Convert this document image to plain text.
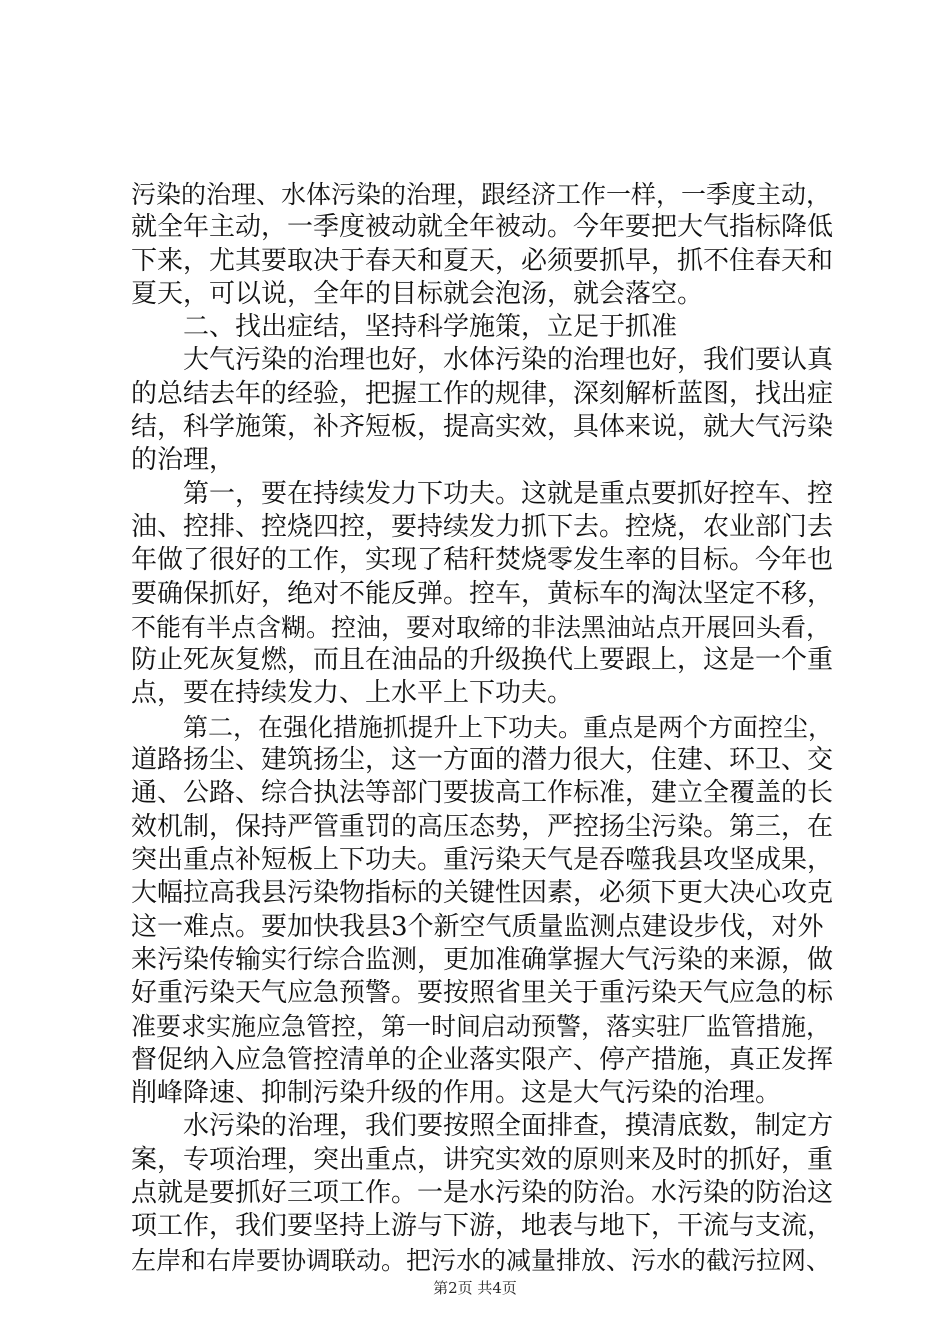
污染的治理、水体污染的治理，跟经济工作一样，一季度主动，
就全年主动，一季度被动就全年被动。今年要把大气指标降低
下来，尤其要取决于春天和夏天，必须要抓早，抓不住春天和
夏天，可以说，全年的目标就会泡汤，就会落空。
二、找出症结，坚持科学施策，立足于抓准
大气污染的治理也好，水体污染的治理也好，我们要认真
的总结去年的经验，把握工作的规律，深刻解析蓝图，找出症
结，科学施策，补齐短板，提高实效，具体来说，就大气污染
的治理，
第一，要在持续发力下功夫。这就是重点要抓好控车、控
油、控排、控烧四控，要持续发力抓下去。控烧，农业部门去
年做了很好的工作，实现了秸秆焚烧零发生率的目标。今年也
要确保抓好，绝对不能反弹。控车，黄标车的淘汰坚定不移，
不能有半点含糊。控油，要对取缔的非法黑油站点开展回头看，
防止死灰复燃，而且在油品的升级换代上要跟上，这是一个重
点，要在持续发力、上水平上下功夫。
第二，在强化措施抓提升上下功夫。重点是两个方面控尘，
道路扬尘、建筑扬尘，这一方面的潜力很大，住建、环卫、交
通、公路、综合执法等部门要拔高工作标准，建立全覆盖的长
效机制，保持严管重罚的高压态势，严控扬尘污染。第三，在
突出重点补短板上下功夫。重污染天气是吞噬我县攻坚成果，
大幅拉高我县污染物指标的关键性因素，必须下更大决心攻克
这一难点。要加快我县3个新空气质量监测点建设步伐，对外
来污染传输实行综合监测，更加准确掌握大气污染的来源，做
好重污染天气应急预警。要按照省里关于重污染天气应急的标
准要求实施应急管控，第一时间启动预警，落实驻厂监管措施，
督促纳入应急管控清单的企业落实限产、停产措施，真正发挥
削峰降速、抑制污染升级的作用。这是大气污染的治理。
水污染的治理，我们要按照全面排查，摸清底数，制定方
案，专项治理，突出重点，讲究实效的原则来及时的抓好，重
点就是要抓好三项工作。一是水污染的防治。水污染的防治这
项工作，我们要坚持上游与下游，地表与地下，干流与支流，
左岸和右岸要协调联动。把污水的减量排放、污水的截污拉网、
第2页 共4页
